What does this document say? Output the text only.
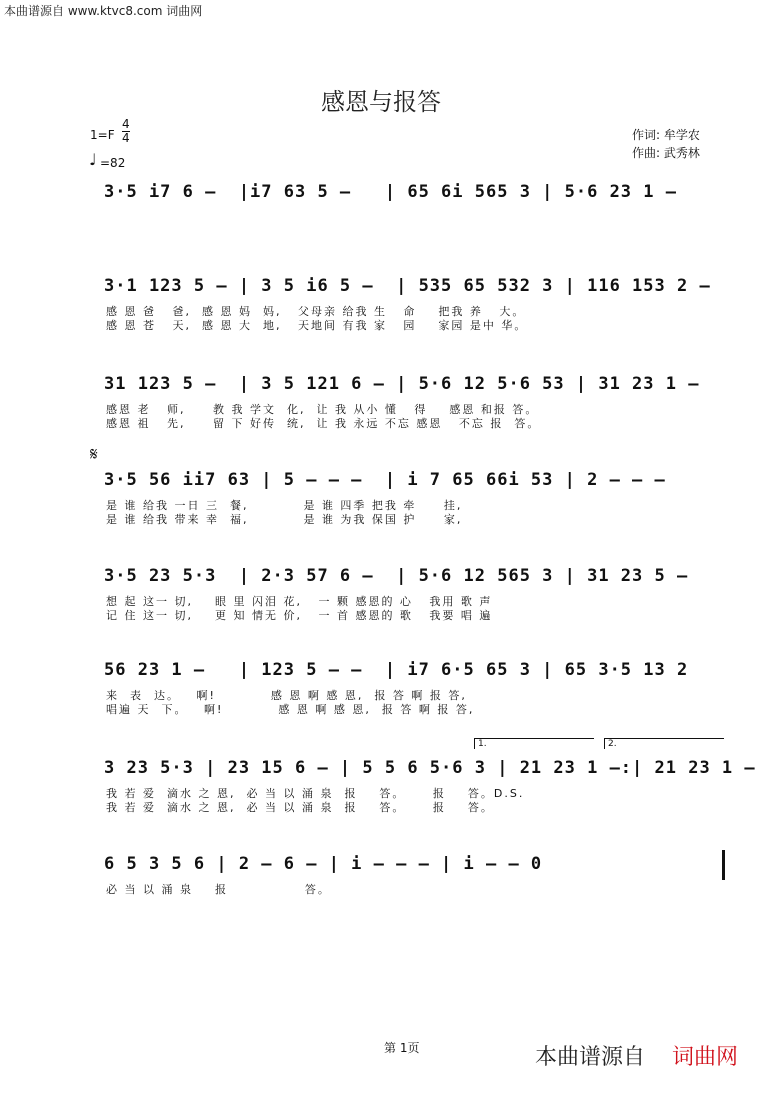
本曲谱源自 www.ktvc8.com 词曲网
感恩与报答
1=F
4
4
♩ =82
作词: 牟学农
作曲: 武秀林
𝄋
3·5 i7 6 –  |i7 63 5 –   | 65 6i 565 3 | 5·6 23 1 –
3·1 123 5 – | 3 5 i6 5 –  | 535 65 532 3 | 116 153 2 –
感 恩 爸   爸,  感 恩 妈  妈,   父母亲 给我 生   命    把我 养   大。
感 恩 苍   天,  感 恩 大  地,   天地间 有我 家   园    家园 是中 华。
31 123 5 –  | 3 5 121 6 – | 5·6 12 5·6 53 | 31 23 1 –
感恩 老   师,     教 我 学文  化,  让 我 从小 懂   得    感恩 和报 答。
感恩 祖   先,     留 下 好传  统,  让 我 永远 不忘 感恩   不忘 报  答。
3·5 56 ii7 63 | 5 – – –  | i 7 65 66i 53 | 2 – – –
是 谁 给我 一日 三  餐,          是 谁 四季 把我 牵     挂,
是 谁 给我 带来 幸  福,          是 谁 为我 保国 护     家,
3·5 23 5·3  | 2·3 57 6 –  | 5·6 12 565 3 | 31 23 5 –
想 起 这一 切,    眼 里 闪泪 花,   一 颗 感恩的 心   我用 歌 声
记 住 这一 切,    更 知 情无 价,   一 首 感恩的 歌   我要 唱 遍
56 23 1 –   | 123 5 – –  | i7 6·5 65 3 | 65 3·5 13 2
来  表  达。   啊!          感 恩 啊 感 恩,  报 答 啊 报 答,
唱遍 天  下。   啊!          感 恩 啊 感 恩,  报 答 啊 报 答,
1.	2.
3 23 5·3 | 23 15 6 – | 5 5 6 5·6 3 | 21 23 1 –:| 21 23 1 –
我 若 爱  滴水 之 恩,  必 当 以 涌 泉  报    答。     报    答。D.S.
我 若 爱  滴水 之 恩,  必 当 以 涌 泉  报    答。     报    答。
6 5 3 5 6 | 2 – 6 – | i – – – | i – – 0
必 当 以 涌 泉    报              答。
第 1页	本曲谱源自 词曲网
